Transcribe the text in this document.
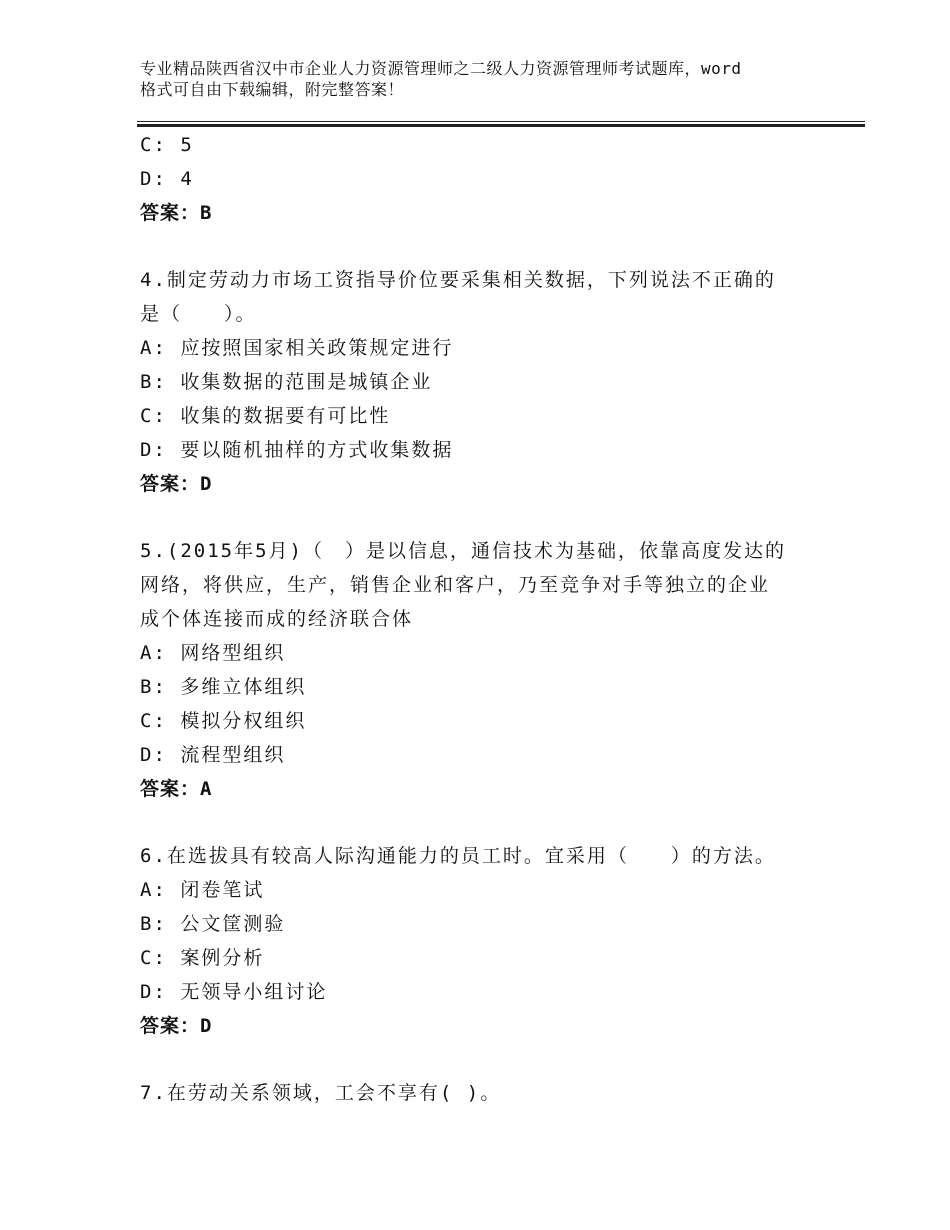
专业精品陕西省汉中市企业人力资源管理师之二级人力资源管理师考试题库，word
格式可自由下载编辑，附完整答案！
C: 5
D: 4
答案：B
4.制定劳动力市场工资指导价位要采集相关数据，下列说法不正确的
是（　　）。
A: 应按照国家相关政策规定进行
B: 收集数据的范围是城镇企业
C: 收集的数据要有可比性
D: 要以随机抽样的方式收集数据
答案：D
5.(2015年5月)（　）是以信息，通信技术为基础，依靠高度发达的
网络，将供应，生产，销售企业和客户，乃至竞争对手等独立的企业
成个体连接而成的经济联合体
A: 网络型组织
B: 多维立体组织
C: 模拟分权组织
D: 流程型组织
答案：A
6.在选拔具有较高人际沟通能力的员工时。宜采用（　　）的方法。
A: 闭卷笔试
B: 公文筐测验
C: 案例分析
D: 无领导小组讨论
答案：D
7.在劳动关系领域，工会不享有( )。
